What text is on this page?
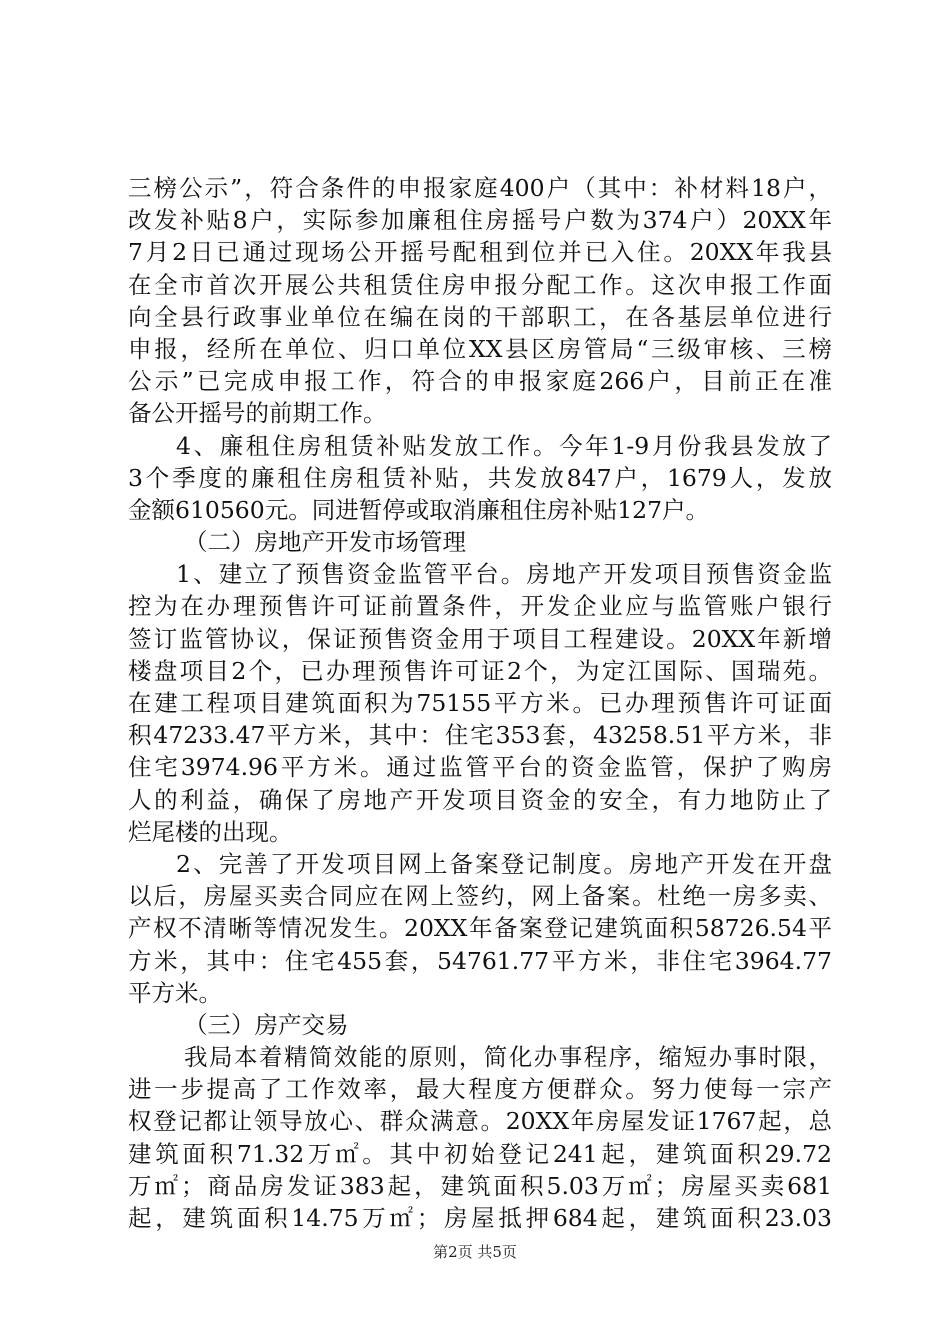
三榜公示”，符合条件的申报家庭400户（其中：补材料18户，
改发补贴8户，实际参加廉租住房摇号户数为374户）20XX年
7月2日已通过现场公开摇号配租到位并已入住。20XX年我县
在全市首次开展公共租赁住房申报分配工作。这次申报工作面
向全县行政事业单位在编在岗的干部职工，在各基层单位进行
申报，经所在单位、归口单位XX县区房管局“三级审核、三榜
公示”已完成申报工作，符合的申报家庭266户，目前正在准
备公开摇号的前期工作。
4、廉租住房租赁补贴发放工作。今年1-9月份我县发放了
3个季度的廉租住房租赁补贴，共发放847户，1679人，发放
金额610560元。同进暂停或取消廉租住房补贴127户。
（二）房地产开发市场管理
1、建立了预售资金监管平台。房地产开发项目预售资金监
控为在办理预售许可证前置条件，开发企业应与监管账户银行
签订监管协议，保证预售资金用于项目工程建设。20XX年新增
楼盘项目2个，已办理预售许可证2个，为定江国际、国瑞苑。
在建工程项目建筑面积为75155平方米。已办理预售许可证面
积47233.47平方米，其中：住宅353套，43258.51平方米，非
住宅3974.96平方米。通过监管平台的资金监管，保护了购房
人的利益，确保了房地产开发项目资金的安全，有力地防止了
烂尾楼的出现。
2、完善了开发项目网上备案登记制度。房地产开发在开盘
以后，房屋买卖合同应在网上签约，网上备案。杜绝一房多卖、
产权不清晰等情况发生。20XX年备案登记建筑面积58726.54平
方米，其中：住宅455套，54761.77平方米，非住宅3964.77
平方米。
（三）房产交易
我局本着精简效能的原则，简化办事程序，缩短办事时限，
进一步提高了工作效率，最大程度方便群众。努力使每一宗产
权登记都让领导放心、群众满意。20XX年房屋发证1767起，总
建筑面积71.32万㎡。其中初始登记241起，建筑面积29.72
万㎡；商品房发证383起，建筑面积5.03万㎡；房屋买卖681
起，建筑面积14.75万㎡；房屋抵押684起，建筑面积23.03
第2页 共5页
